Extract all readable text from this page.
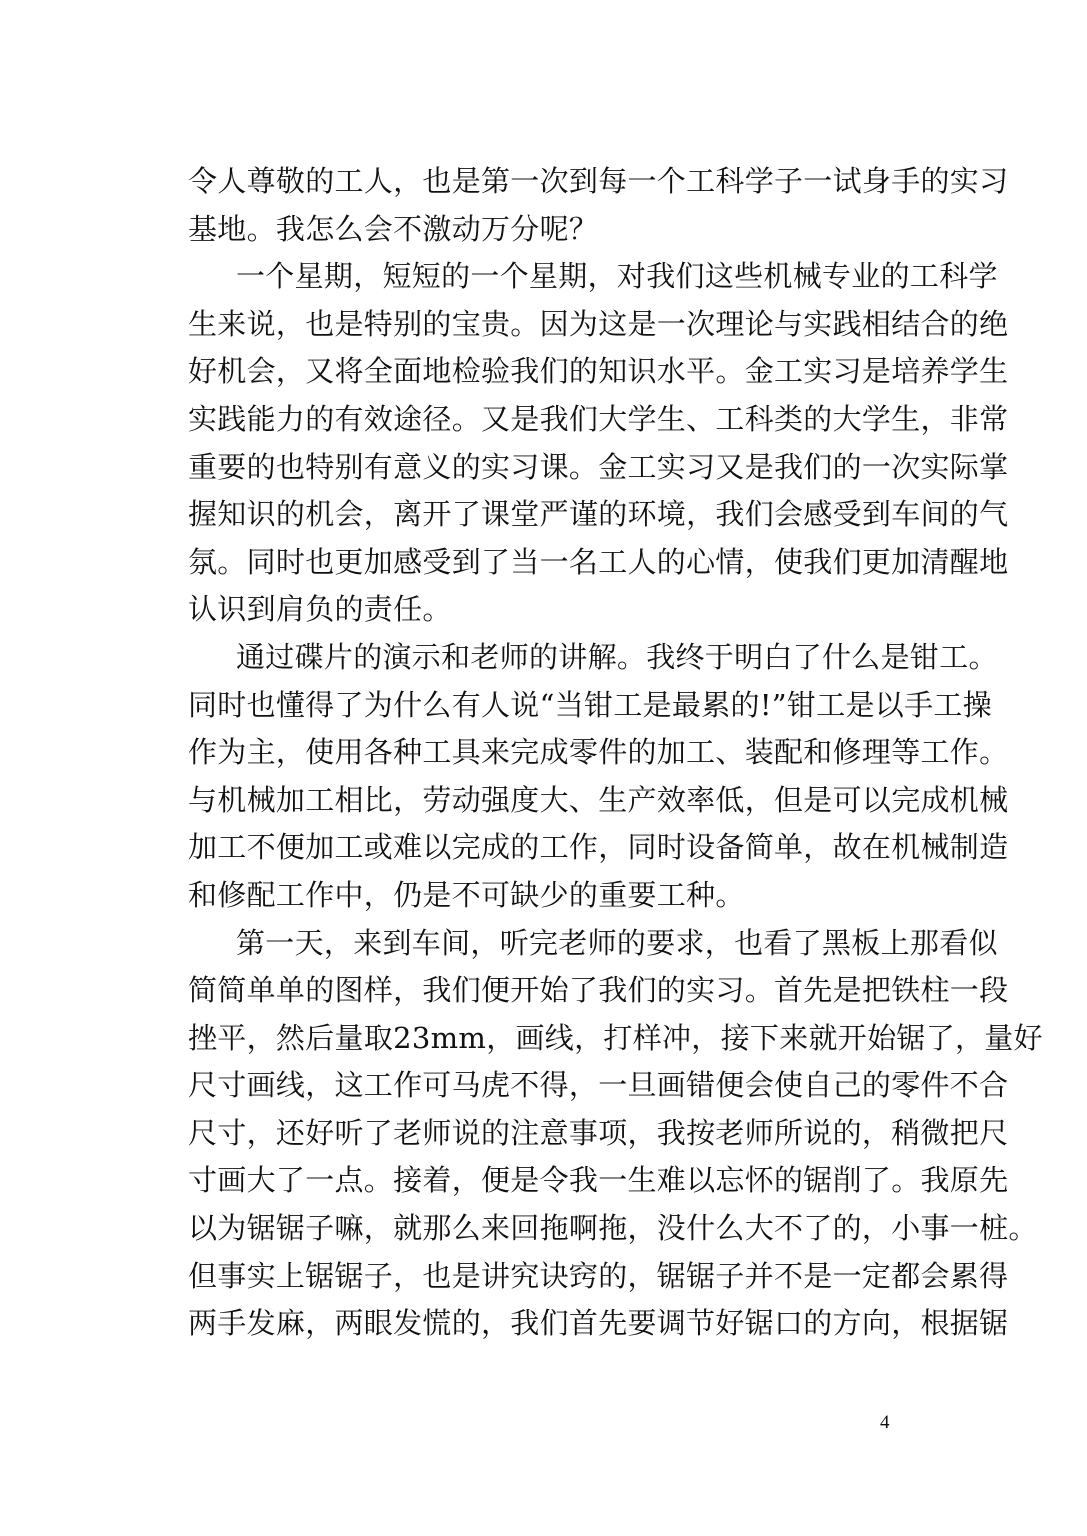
令人尊敬的工人，也是第一次到每一个工科学子一试身手的实习
基地。我怎么会不激动万分呢？
一个星期，短短的一个星期，对我们这些机械专业的工科学
生来说，也是特别的宝贵。因为这是一次理论与实践相结合的绝
好机会，又将全面地检验我们的知识水平。金工实习是培养学生
实践能力的有效途径。又是我们大学生、工科类的大学生，非常
重要的也特别有意义的实习课。金工实习又是我们的一次实际掌
握知识的机会，离开了课堂严谨的环境，我们会感受到车间的气
氛。同时也更加感受到了当一名工人的心情，使我们更加清醒地
认识到肩负的责任。
通过碟片的演示和老师的讲解。我终于明白了什么是钳工。
同时也懂得了为什么有人说“当钳工是最累的!”钳工是以手工操
作为主，使用各种工具来完成零件的加工、装配和修理等工作。
与机械加工相比，劳动强度大、生产效率低，但是可以完成机械
加工不便加工或难以完成的工作，同时设备简单，故在机械制造
和修配工作中，仍是不可缺少的重要工种。
第一天，来到车间，听完老师的要求，也看了黑板上那看似
简简单单的图样，我们便开始了我们的实习。首先是把铁柱一段
挫平，然后量取23mm，画线，打样冲，接下来就开始锯了，量好
尺寸画线，这工作可马虎不得，一旦画错便会使自己的零件不合
尺寸，还好听了老师说的注意事项，我按老师所说的，稍微把尺
寸画大了一点。接着，便是令我一生难以忘怀的锯削了。我原先
以为锯锯子嘛，就那么来回拖啊拖，没什么大不了的，小事一桩。
但事实上锯锯子，也是讲究诀窍的，锯锯子并不是一定都会累得
两手发麻，两眼发慌的，我们首先要调节好锯口的方向，根据锯
4
